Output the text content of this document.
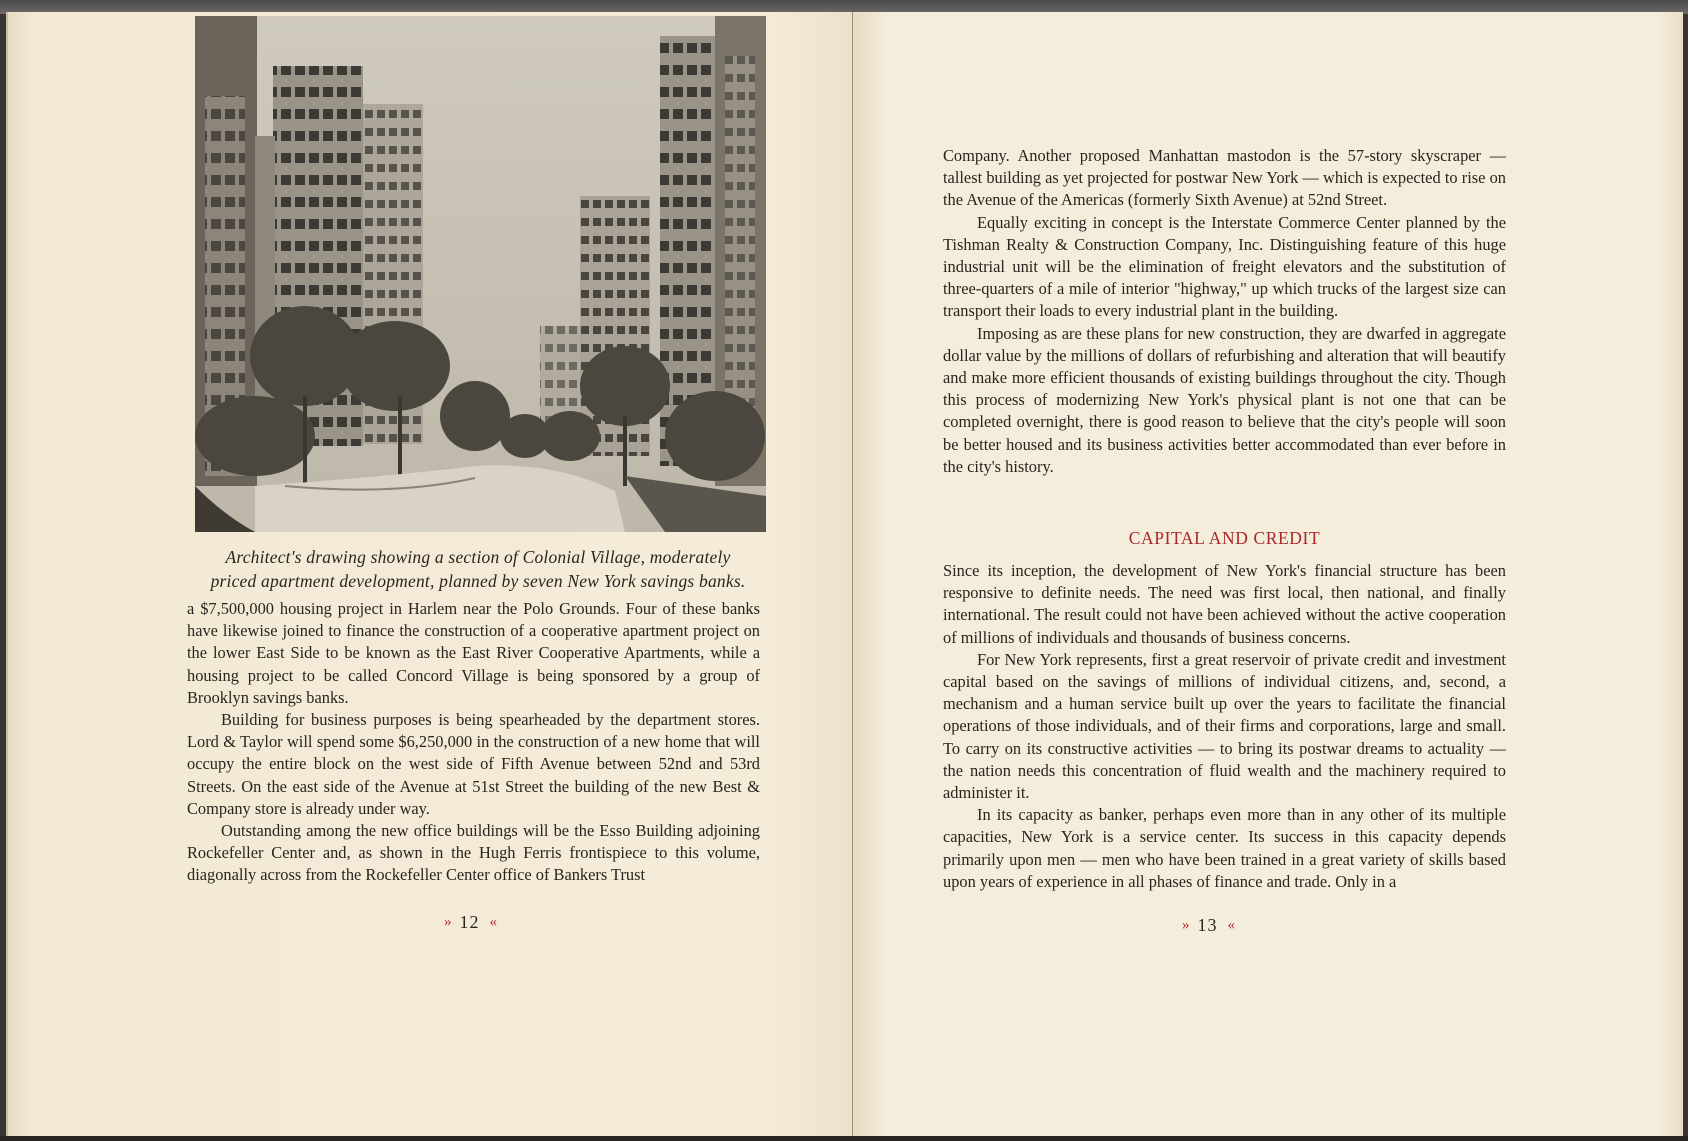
Architect's drawing showing a section of Colonial Village, moderately
priced apartment development, planned by seven New York savings banks.

a $7,500,000 housing project in Harlem near the Polo Grounds. Four of these banks have likewise joined to finance the construction of a cooperative apartment project on the lower East Side to be known as the East River Cooperative Apartments, while a housing project to be called Concord Village is being sponsored by a group of Brooklyn savings banks.

Building for business purposes is being spearheaded by the department stores. Lord & Taylor will spend some $6,250,000 in the construction of a new home that will occupy the entire block on the west side of Fifth Avenue between 52nd and 53rd Streets. On the east side of the Avenue at 51st Street the building of the new Best & Company store is already under way.

Outstanding among the new office buildings will be the Esso Building adjoining Rockefeller Center and, as shown in the Hugh Ferris frontispiece to this volume, diagonally across from the Rockefeller Center office of Bankers Trust

» 12 «

Company. Another proposed Manhattan mastodon is the 57-story skyscraper — tallest building as yet projected for postwar New York — which is expected to rise on the Avenue of the Americas (formerly Sixth Avenue) at 52nd Street.

Equally exciting in concept is the Interstate Commerce Center planned by the Tishman Realty & Construction Company, Inc. Distinguishing feature of this huge industrial unit will be the elimination of freight elevators and the substitution of three-quarters of a mile of interior "highway," up which trucks of the largest size can transport their loads to every industrial plant in the building.

Imposing as are these plans for new construction, they are dwarfed in aggregate dollar value by the millions of dollars of refurbishing and alteration that will beautify and make more efficient thousands of existing buildings throughout the city. Though this process of modernizing New York's physical plant is not one that can be completed overnight, there is good reason to believe that the city's people will soon be better housed and its business activities better accommodated than ever before in the city's history.

CAPITAL AND CREDIT

Since its inception, the development of New York's financial structure has been responsive to definite needs. The need was first local, then national, and finally international. The result could not have been achieved without the active cooperation of millions of individuals and thousands of business concerns.

For New York represents, first a great reservoir of private credit and investment capital based on the savings of millions of individual citizens, and, second, a mechanism and a human service built up over the years to facilitate the financial operations of those individuals, and of their firms and corporations, large and small. To carry on its constructive activities — to bring its postwar dreams to actuality — the nation needs this concentration of fluid wealth and the machinery required to administer it.

In its capacity as banker, perhaps even more than in any other of its multiple capacities, New York is a service center. Its success in this capacity depends primarily upon men — men who have been trained in a great variety of skills based upon years of experience in all phases of finance and trade. Only in a

» 13 «
